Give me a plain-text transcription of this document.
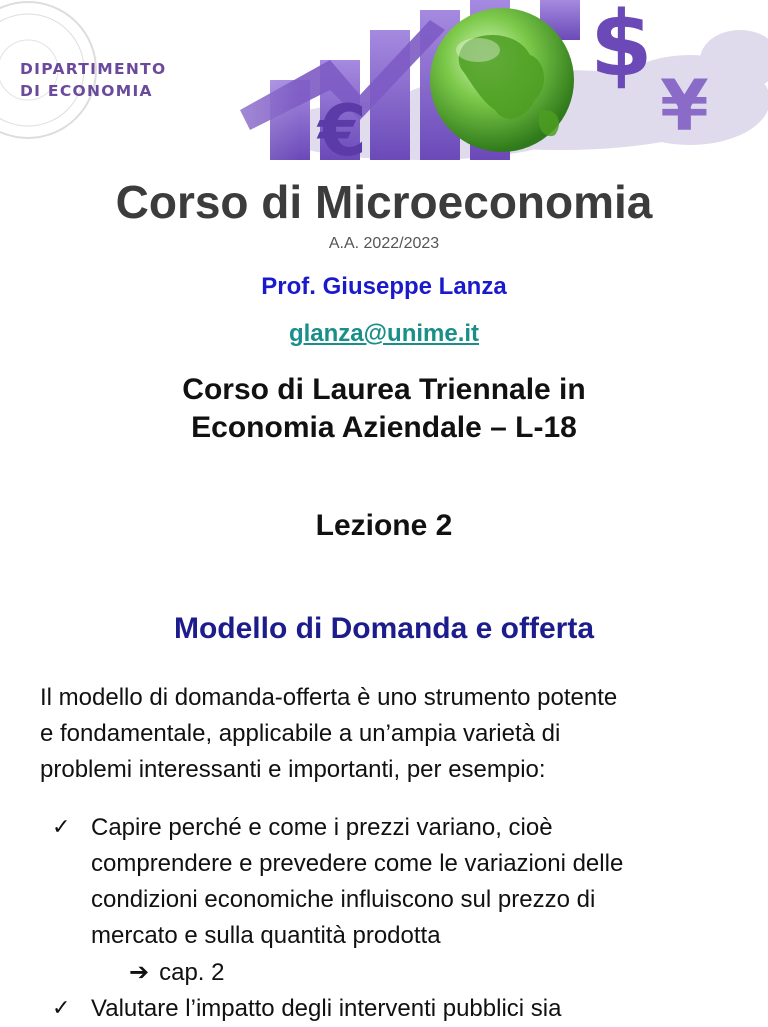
$
€	¥
DIPARTIMENTO
DI ECONOMIA
Corso di Microeconomia
A.A. 2022/2023
Prof. Giuseppe Lanza
glanza@unime.it
Corso di Laurea Triennale in
Economia Aziendale – L-18
Lezione 2
Modello di Domanda e offerta
Il modello di domanda-offerta è uno strumento potente
e fondamentale, applicabile a un’ampia varietà di
problemi interessanti e importanti, per esempio:
✓ Capire perché e come i prezzi variano, cioè
comprendere e prevedere come le variazioni delle
condizioni economiche influiscono sul prezzo di
mercato e sulla quantità prodotta
➔ cap. 2
✓ Valutare l’impatto degli interventi pubblici sia
